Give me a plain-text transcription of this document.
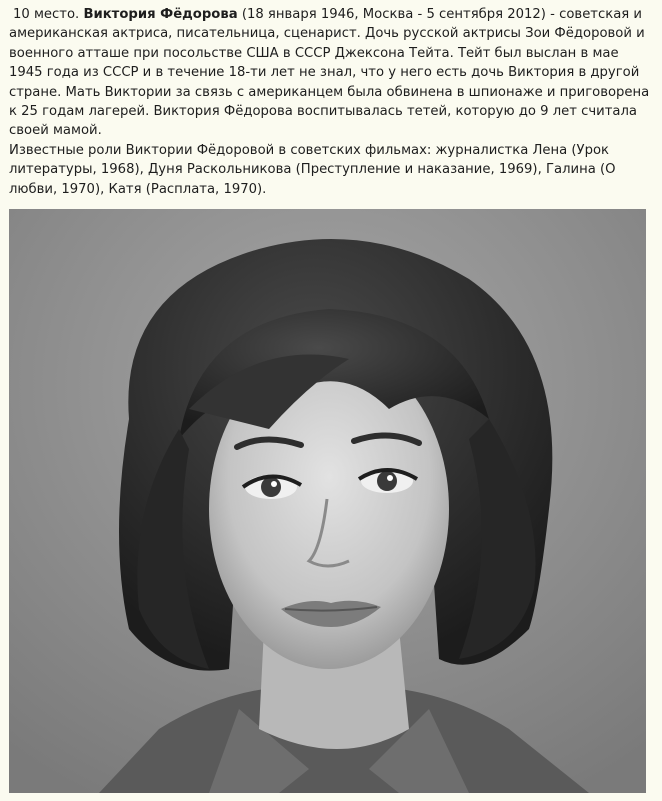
10 место. Виктория Фёдорова (18 января 1946, Москва - 5 сентября 2012) - советская и американская актриса, писательница, сценарист. Дочь русской актрисы Зои Фёдоровой и военного атташе при посольстве США в СССР Джексона Тейта. Тейт был выслан в мае 1945 года из СССР и в течение 18-ти лет не знал, что у него есть дочь Виктория в другой стране. Мать Виктории за связь с американцем была обвинена в шпионаже и приговорена к 25 годам лагерей. Виктория Фёдорова воспитывалась тетей, которую до 9 лет считала своей мамой.

Известные роли Виктории Фёдоровой в советских фильмах: журналистка Лена (Урок литературы, 1968), Дуня Раскольникова (Преступление и наказание, 1969), Галина (О любви, 1970), Катя (Расплата, 1970).
